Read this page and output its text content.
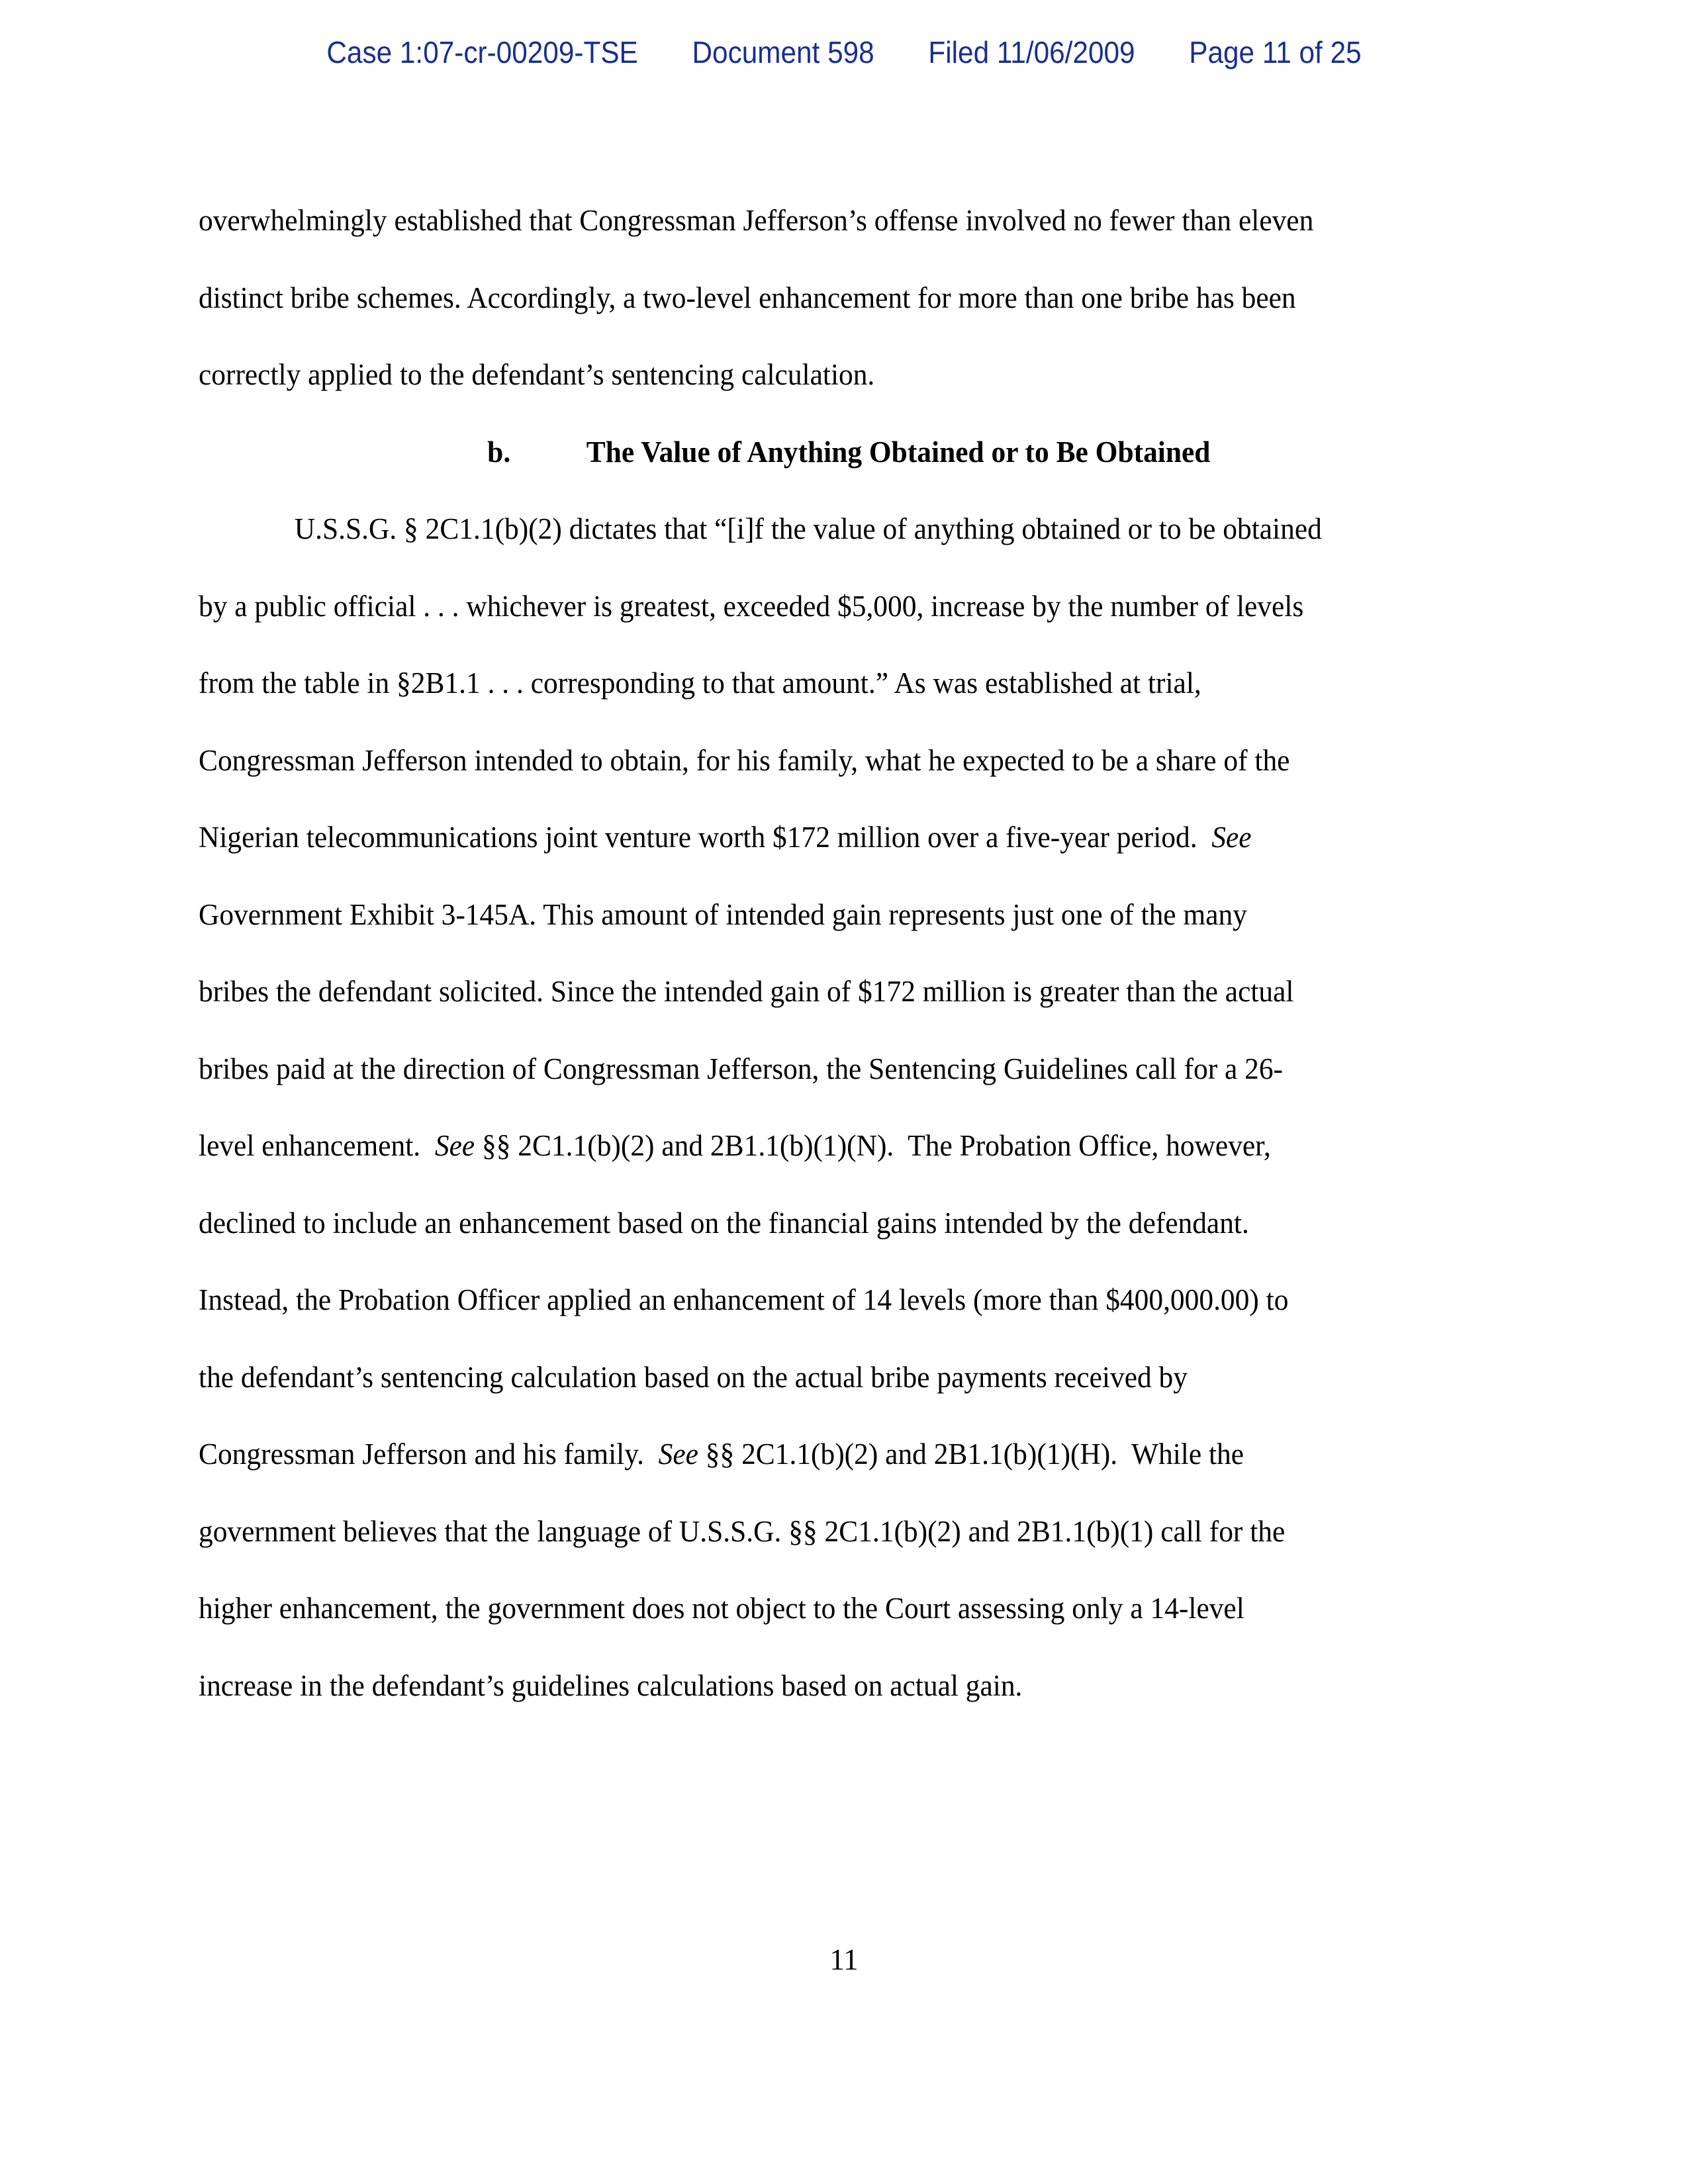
Case 1:07-cr-00209-TSE Document 598 Filed 11/06/2009 Page 11 of 25
overwhelmingly established that Congressman Jefferson’s offense involved no fewer than eleven
distinct bribe schemes. Accordingly, a two-level enhancement for more than one bribe has been
correctly applied to the defendant’s sentencing calculation.
b.	The Value of Anything Obtained or to Be Obtained
U.S.S.G. § 2C1.1(b)(2) dictates that “[i]f the value of anything obtained or to be obtained
by a public official . . . whichever is greatest, exceeded $5,000, increase by the number of levels
from the table in §2B1.1 . . . corresponding to that amount.” As was established at trial,
Congressman Jefferson intended to obtain, for his family, what he expected to be a share of the
Nigerian telecommunications joint venture worth $172 million over a five-year period.  See
Government Exhibit 3-145A. This amount of intended gain represents just one of the many
bribes the defendant solicited. Since the intended gain of $172 million is greater than the actual
bribes paid at the direction of Congressman Jefferson, the Sentencing Guidelines call for a 26-
level enhancement.  See §§ 2C1.1(b)(2) and 2B1.1(b)(1)(N).  The Probation Office, however,
declined to include an enhancement based on the financial gains intended by the defendant.
Instead, the Probation Officer applied an enhancement of 14 levels (more than $400,000.00) to
the defendant’s sentencing calculation based on the actual bribe payments received by
Congressman Jefferson and his family.  See §§ 2C1.1(b)(2) and 2B1.1(b)(1)(H).  While the
government believes that the language of U.S.S.G. §§ 2C1.1(b)(2) and 2B1.1(b)(1) call for the
higher enhancement, the government does not object to the Court assessing only a 14-level
increase in the defendant’s guidelines calculations based on actual gain.
11
